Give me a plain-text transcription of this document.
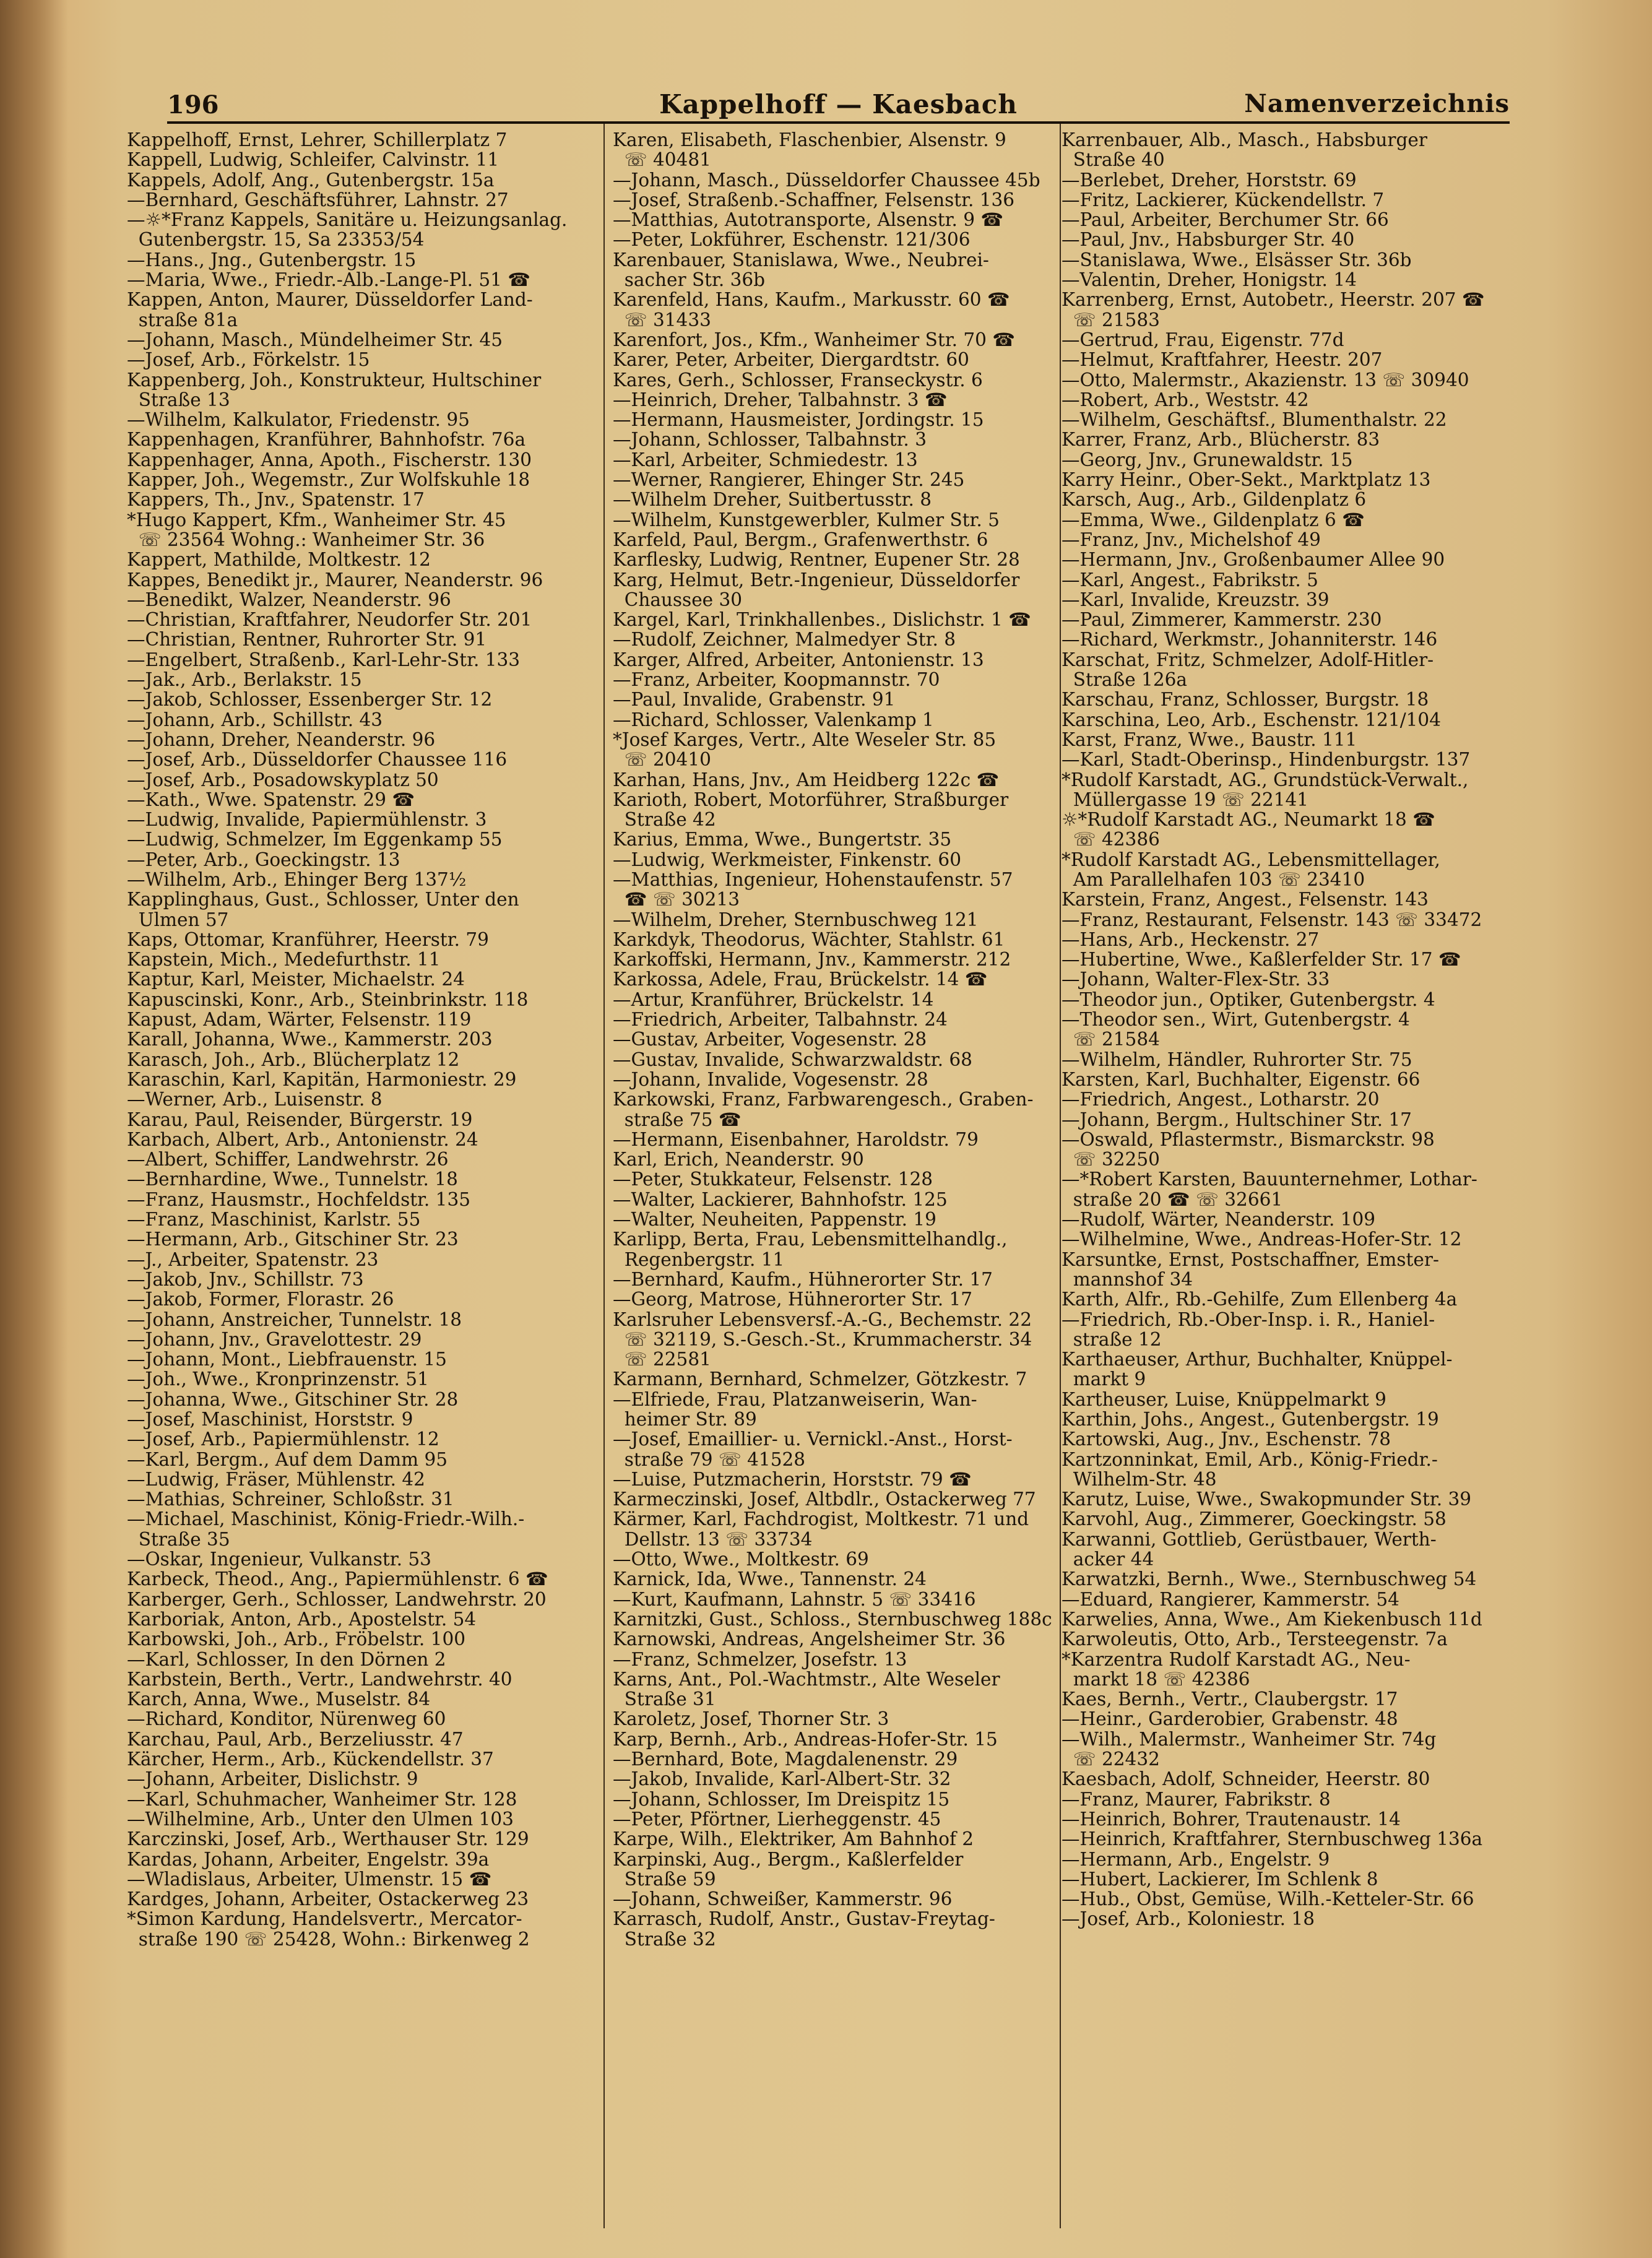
196	Kappelhoff — Kaesbach	Namenverzeichnis
Kappelhoff, Ernst, Lehrer, Schillerplatz 7
Kappell, Ludwig, Schleifer, Calvinstr. 11
Kappels, Adolf, Ang., Gutenbergstr. 15a
—Bernhard, Geschäftsführer, Lahnstr. 27
—☼*Franz Kappels, Sanitäre u. Heizungsanlag.
Gutenbergstr. 15, Sa 23353/54
—Hans., Jng., Gutenbergstr. 15
—Maria, Wwe., Friedr.-Alb.-Lange-Pl. 51 ☎
Kappen, Anton, Maurer, Düsseldorfer Land-
straße 81a
—Johann, Masch., Mündelheimer Str. 45
—Josef, Arb., Förkelstr. 15
Kappenberg, Joh., Konstrukteur, Hultschiner
Straße 13
—Wilhelm, Kalkulator, Friedenstr. 95
Kappenhagen, Kranführer, Bahnhofstr. 76a
Kappenhager, Anna, Apoth., Fischerstr. 130
Kapper, Joh., Wegemstr., Zur Wolfskuhle 18
Kappers, Th., Jnv., Spatenstr. 17
*Hugo Kappert, Kfm., Wanheimer Str. 45
☏ 23564 Wohng.: Wanheimer Str. 36
Kappert, Mathilde, Moltkestr. 12
Kappes, Benedikt jr., Maurer, Neanderstr. 96
—Benedikt, Walzer, Neanderstr. 96
—Christian, Kraftfahrer, Neudorfer Str. 201
—Christian, Rentner, Ruhrorter Str. 91
—Engelbert, Straßenb., Karl-Lehr-Str. 133
—Jak., Arb., Berlakstr. 15
—Jakob, Schlosser, Essenberger Str. 12
—Johann, Arb., Schillstr. 43
—Johann, Dreher, Neanderstr. 96
—Josef, Arb., Düsseldorfer Chaussee 116
—Josef, Arb., Posadowskyplatz 50
—Kath., Wwe. Spatenstr. 29 ☎
—Ludwig, Invalide, Papiermühlenstr. 3
—Ludwig, Schmelzer, Im Eggenkamp 55
—Peter, Arb., Goeckingstr. 13
—Wilhelm, Arb., Ehinger Berg 137½
Kapplinghaus, Gust., Schlosser, Unter den
Ulmen 57
Kaps, Ottomar, Kranführer, Heerstr. 79
Kapstein, Mich., Medefurthstr. 11
Kaptur, Karl, Meister, Michaelstr. 24
Kapuscinski, Konr., Arb., Steinbrinkstr. 118
Kapust, Adam, Wärter, Felsenstr. 119
Karall, Johanna, Wwe., Kammerstr. 203
Karasch, Joh., Arb., Blücherplatz 12
Karaschin, Karl, Kapitän, Harmoniestr. 29
—Werner, Arb., Luisenstr. 8
Karau, Paul, Reisender, Bürgerstr. 19
Karbach, Albert, Arb., Antonienstr. 24
—Albert, Schiffer, Landwehrstr. 26
—Bernhardine, Wwe., Tunnelstr. 18
—Franz, Hausmstr., Hochfeldstr. 135
—Franz, Maschinist, Karlstr. 55
—Hermann, Arb., Gitschiner Str. 23
—J., Arbeiter, Spatenstr. 23
—Jakob, Jnv., Schillstr. 73
—Jakob, Former, Florastr. 26
—Johann, Anstreicher, Tunnelstr. 18
—Johann, Jnv., Gravelottestr. 29
—Johann, Mont., Liebfrauenstr. 15
—Joh., Wwe., Kronprinzenstr. 51
—Johanna, Wwe., Gitschiner Str. 28
—Josef, Maschinist, Horststr. 9
—Josef, Arb., Papiermühlenstr. 12
—Karl, Bergm., Auf dem Damm 95
—Ludwig, Fräser, Mühlenstr. 42
—Mathias, Schreiner, Schloßstr. 31
—Michael, Maschinist, König-Friedr.-Wilh.-
Straße 35
—Oskar, Ingenieur, Vulkanstr. 53
Karbeck, Theod., Ang., Papiermühlenstr. 6 ☎
Karberger, Gerh., Schlosser, Landwehrstr. 20
Karboriak, Anton, Arb., Apostelstr. 54
Karbowski, Joh., Arb., Fröbelstr. 100
—Karl, Schlosser, In den Dörnen 2
Karbstein, Berth., Vertr., Landwehrstr. 40
Karch, Anna, Wwe., Muselstr. 84
—Richard, Konditor, Nürenweg 60
Karchau, Paul, Arb., Berzeliusstr. 47
Kärcher, Herm., Arb., Kückendellstr. 37
—Johann, Arbeiter, Dislichstr. 9
—Karl, Schuhmacher, Wanheimer Str. 128
—Wilhelmine, Arb., Unter den Ulmen 103
Karczinski, Josef, Arb., Werthauser Str. 129
Kardas, Johann, Arbeiter, Engelstr. 39a
—Wladislaus, Arbeiter, Ulmenstr. 15 ☎
Kardges, Johann, Arbeiter, Ostackerweg 23
*Simon Kardung, Handelsvertr., Mercator-
straße 190 ☏ 25428, Wohn.: Birkenweg 2
Karen, Elisabeth, Flaschenbier, Alsenstr. 9
☏ 40481
—Johann, Masch., Düsseldorfer Chaussee 45b
—Josef, Straßenb.-Schaffner, Felsenstr. 136
—Matthias, Autotransporte, Alsenstr. 9 ☎
—Peter, Lokführer, Eschenstr. 121/306
Karenbauer, Stanislawa, Wwe., Neubrei-
sacher Str. 36b
Karenfeld, Hans, Kaufm., Markusstr. 60 ☎
☏ 31433
Karenfort, Jos., Kfm., Wanheimer Str. 70 ☎
Karer, Peter, Arbeiter, Diergardtstr. 60
Kares, Gerh., Schlosser, Franseckystr. 6
—Heinrich, Dreher, Talbahnstr. 3 ☎
—Hermann, Hausmeister, Jordingstr. 15
—Johann, Schlosser, Talbahnstr. 3
—Karl, Arbeiter, Schmiedestr. 13
—Werner, Rangierer, Ehinger Str. 245
—Wilhelm Dreher, Suitbertusstr. 8
—Wilhelm, Kunstgewerbler, Kulmer Str. 5
Karfeld, Paul, Bergm., Grafenwerthstr. 6
Karflesky, Ludwig, Rentner, Eupener Str. 28
Karg, Helmut, Betr.-Ingenieur, Düsseldorfer
Chaussee 30
Kargel, Karl, Trinkhallenbes., Dislichstr. 1 ☎
—Rudolf, Zeichner, Malmedyer Str. 8
Karger, Alfred, Arbeiter, Antonienstr. 13
—Franz, Arbeiter, Koopmannstr. 70
—Paul, Invalide, Grabenstr. 91
—Richard, Schlosser, Valenkamp 1
*Josef Karges, Vertr., Alte Weseler Str. 85
☏ 20410
Karhan, Hans, Jnv., Am Heidberg 122c ☎
Karioth, Robert, Motorführer, Straßburger
Straße 42
Karius, Emma, Wwe., Bungertstr. 35
—Ludwig, Werkmeister, Finkenstr. 60
—Matthias, Ingenieur, Hohenstaufenstr. 57
☎ ☏ 30213
—Wilhelm, Dreher, Sternbuschweg 121
Karkdyk, Theodorus, Wächter, Stahlstr. 61
Karkoffski, Hermann, Jnv., Kammerstr. 212
Karkossa, Adele, Frau, Brückelstr. 14 ☎
—Artur, Kranführer, Brückelstr. 14
—Friedrich, Arbeiter, Talbahnstr. 24
—Gustav, Arbeiter, Vogesenstr. 28
—Gustav, Invalide, Schwarzwaldstr. 68
—Johann, Invalide, Vogesenstr. 28
Karkowski, Franz, Farbwarengesch., Graben-
straße 75 ☎
—Hermann, Eisenbahner, Haroldstr. 79
Karl, Erich, Neanderstr. 90
—Peter, Stukkateur, Felsenstr. 128
—Walter, Lackierer, Bahnhofstr. 125
—Walter, Neuheiten, Pappenstr. 19
Karlipp, Berta, Frau, Lebensmittelhandlg.,
Regenbergstr. 11
—Bernhard, Kaufm., Hühnerorter Str. 17
—Georg, Matrose, Hühnerorter Str. 17
Karlsruher Lebensversf.-A.-G., Bechemstr. 22
☏ 32119, S.-Gesch.-St., Krummacherstr. 34
☏ 22581
Karmann, Bernhard, Schmelzer, Götzkestr. 7
—Elfriede, Frau, Platzanweiserin, Wan-
heimer Str. 89
—Josef, Emaillier- u. Vernickl.-Anst., Horst-
straße 79 ☏ 41528
—Luise, Putzmacherin, Horststr. 79 ☎
Karmeczinski, Josef, Altbdlr., Ostackerweg 77
Kärmer, Karl, Fachdrogist, Moltkestr. 71 und
Dellstr. 13 ☏ 33734
—Otto, Wwe., Moltkestr. 69
Karnick, Ida, Wwe., Tannenstr. 24
—Kurt, Kaufmann, Lahnstr. 5 ☏ 33416
Karnitzki, Gust., Schloss., Sternbuschweg 188c
Karnowski, Andreas, Angelsheimer Str. 36
—Franz, Schmelzer, Josefstr. 13
Karns, Ant., Pol.-Wachtmstr., Alte Weseler
Straße 31
Karoletz, Josef, Thorner Str. 3
Karp, Bernh., Arb., Andreas-Hofer-Str. 15
—Bernhard, Bote, Magdalenenstr. 29
—Jakob, Invalide, Karl-Albert-Str. 32
—Johann, Schlosser, Im Dreispitz 15
—Peter, Pförtner, Lierheggenstr. 45
Karpe, Wilh., Elektriker, Am Bahnhof 2
Karpinski, Aug., Bergm., Kaßlerfelder
Straße 59
—Johann, Schweißer, Kammerstr. 96
Karrasch, Rudolf, Anstr., Gustav-Freytag-
Straße 32
Karrenbauer, Alb., Masch., Habsburger
Straße 40
—Berlebet, Dreher, Horststr. 69
—Fritz, Lackierer, Kückendellstr. 7
—Paul, Arbeiter, Berchumer Str. 66
—Paul, Jnv., Habsburger Str. 40
—Stanislawa, Wwe., Elsässer Str. 36b
—Valentin, Dreher, Honigstr. 14
Karrenberg, Ernst, Autobetr., Heerstr. 207 ☎
☏ 21583
—Gertrud, Frau, Eigenstr. 77d
—Helmut, Kraftfahrer, Heestr. 207
—Otto, Malermstr., Akazienstr. 13 ☏ 30940
—Robert, Arb., Weststr. 42
—Wilhelm, Geschäftsf., Blumenthalstr. 22
Karrer, Franz, Arb., Blücherstr. 83
—Georg, Jnv., Grunewaldstr. 15
Karry Heinr., Ober-Sekt., Marktplatz 13
Karsch, Aug., Arb., Gildenplatz 6
—Emma, Wwe., Gildenplatz 6 ☎
—Franz, Jnv., Michelshof 49
—Hermann, Jnv., Großenbaumer Allee 90
—Karl, Angest., Fabrikstr. 5
—Karl, Invalide, Kreuzstr. 39
—Paul, Zimmerer, Kammerstr. 230
—Richard, Werkmstr., Johanniterstr. 146
Karschat, Fritz, Schmelzer, Adolf-Hitler-
Straße 126a
Karschau, Franz, Schlosser, Burgstr. 18
Karschina, Leo, Arb., Eschenstr. 121/104
Karst, Franz, Wwe., Baustr. 111
—Karl, Stadt-Oberinsp., Hindenburgstr. 137
*Rudolf Karstadt, AG., Grundstück-Verwalt.,
Müllergasse 19 ☏ 22141
☼*Rudolf Karstadt AG., Neumarkt 18 ☎
☏ 42386
*Rudolf Karstadt AG., Lebensmittellager,
Am Parallelhafen 103 ☏ 23410
Karstein, Franz, Angest., Felsenstr. 143
—Franz, Restaurant, Felsenstr. 143 ☏ 33472
—Hans, Arb., Heckenstr. 27
—Hubertine, Wwe., Kaßlerfelder Str. 17 ☎
—Johann, Walter-Flex-Str. 33
—Theodor jun., Optiker, Gutenbergstr. 4
—Theodor sen., Wirt, Gutenbergstr. 4
☏ 21584
—Wilhelm, Händler, Ruhrorter Str. 75
Karsten, Karl, Buchhalter, Eigenstr. 66
—Friedrich, Angest., Lotharstr. 20
—Johann, Bergm., Hultschiner Str. 17
—Oswald, Pflastermstr., Bismarckstr. 98
☏ 32250
—*Robert Karsten, Bauunternehmer, Lothar-
straße 20 ☎ ☏ 32661
—Rudolf, Wärter, Neanderstr. 109
—Wilhelmine, Wwe., Andreas-Hofer-Str. 12
Karsuntke, Ernst, Postschaffner, Emster-
mannshof 34
Karth, Alfr., Rb.-Gehilfe, Zum Ellenberg 4a
—Friedrich, Rb.-Ober-Insp. i. R., Haniel-
straße 12
Karthaeuser, Arthur, Buchhalter, Knüppel-
markt 9
Kartheuser, Luise, Knüppelmarkt 9
Karthin, Johs., Angest., Gutenbergstr. 19
Kartowski, Aug., Jnv., Eschenstr. 78
Kartzonninkat, Emil, Arb., König-Friedr.-
Wilhelm-Str. 48
Karutz, Luise, Wwe., Swakopmunder Str. 39
Karvohl, Aug., Zimmerer, Goeckingstr. 58
Karwanni, Gottlieb, Gerüstbauer, Werth-
acker 44
Karwatzki, Bernh., Wwe., Sternbuschweg 54
—Eduard, Rangierer, Kammerstr. 54
Karwelies, Anna, Wwe., Am Kiekenbusch 11d
Karwoleutis, Otto, Arb., Tersteegenstr. 7a
*Karzentra Rudolf Karstadt AG., Neu-
markt 18 ☏ 42386
Kaes, Bernh., Vertr., Claubergstr. 17
—Heinr., Garderobier, Grabenstr. 48
—Wilh., Malermstr., Wanheimer Str. 74g
☏ 22432
Kaesbach, Adolf, Schneider, Heerstr. 80
—Franz, Maurer, Fabrikstr. 8
—Heinrich, Bohrer, Trautenaustr. 14
—Heinrich, Kraftfahrer, Sternbuschweg 136a
—Hermann, Arb., Engelstr. 9
—Hubert, Lackierer, Im Schlenk 8
—Hub., Obst, Gemüse, Wilh.-Ketteler-Str. 66
—Josef, Arb., Koloniestr. 18
